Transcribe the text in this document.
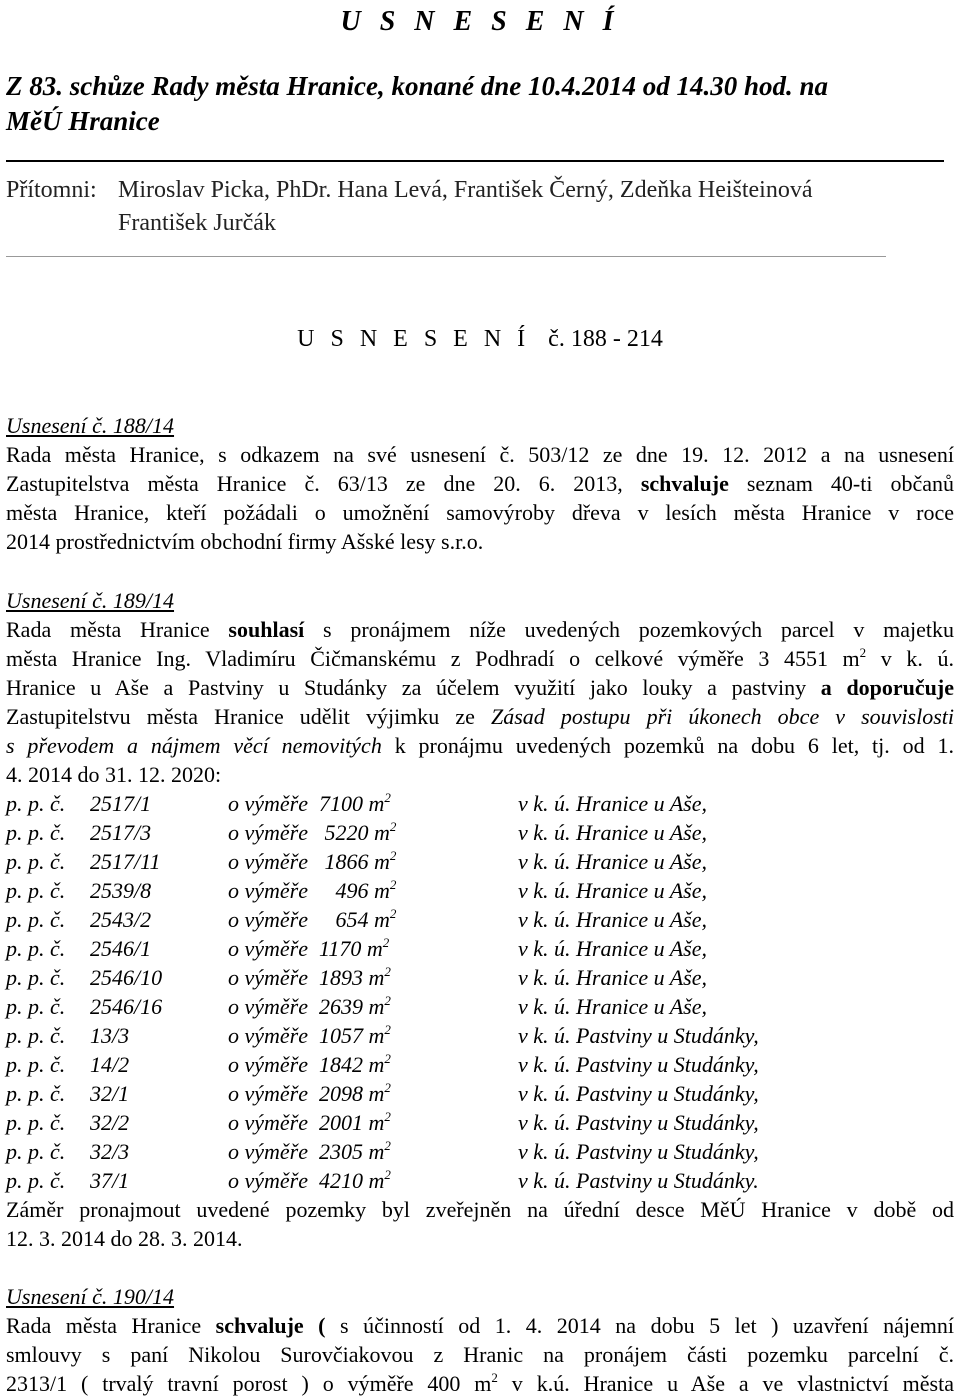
U S N E S E N Í
Z 83. schůze Rady města Hranice, konané dne 10.4.2014 od 14.30 hod. na
MěÚ Hranice
Přítomni: Miroslav Picka, PhDr. Hana Levá, František Černý, Zdeňka Heišteinová
František Jurčák
U S N E S E N Í č. 188 - 214
Usnesení č. 188/14
Rada města Hranice, s odkazem na své usnesení č. 503/12 ze dne 19. 12. 2012 a na usnesení
Zastupitelstva města Hranice č. 63/13 ze dne 20. 6. 2013, schvaluje seznam 40-ti občanů
města Hranice, kteří požádali o umožnění samovýroby dřeva v lesích města Hranice v roce
2014 prostřednictvím obchodní firmy Ašské lesy s.r.o.
Usnesení č. 189/14
Rada města Hranice souhlasí s pronájmem níže uvedených pozemkových parcel v majetku
města Hranice Ing. Vladimíru Čičmanskému z Podhradí o celkové výměře 3 4551 $m^2$ v k. ú.
Hranice u Aše a Pastviny u Studánky za účelem využití jako louky a pastviny a doporučuje
Zastupitelstvu města Hranice udělit výjimku ze Zásad postupu při úkonech obce v souvislosti
s převodem a nájmem věcí nemovitých k pronájmu uvedených pozemků na dobu 6 let, tj. od 1.
4. 2014 do 31. 12. 2020:
p. p. č.	2517/1	o výměře  7100 $m^2$	v k. ú. Hranice u Aše,
p. p. č.	2517/3	o výměře   5220 $m^2$	v k. ú. Hranice u Aše,
p. p. č.	2517/11	o výměře   1866 $m^2$	v k. ú. Hranice u Aše,
p. p. č.	2539/8	o výměře     496 $m^2$	v k. ú. Hranice u Aše,
p. p. č.	2543/2	o výměře     654 $m^2$	v k. ú. Hranice u Aše,
p. p. č.	2546/1	o výměře  1170 $m^2$	v k. ú. Hranice u Aše,
p. p. č.	2546/10	o výměře  1893 $m^2$	v k. ú. Hranice u Aše,
p. p. č.	2546/16	o výměře  2639 $m^2$	v k. ú. Hranice u Aše,
p. p. č.	13/3	o výměře  1057 $m^2$	v k. ú. Pastviny u Studánky,
p. p. č.	14/2	o výměře  1842 $m^2$	v k. ú. Pastviny u Studánky,
p. p. č.	32/1	o výměře  2098 $m^2$	v k. ú. Pastviny u Studánky,
p. p. č.	32/2	o výměře  2001 $m^2$	v k. ú. Pastviny u Studánky,
p. p. č.	32/3	o výměře  2305 $m^2$	v k. ú. Pastviny u Studánky,
p. p. č.	37/1	o výměře  4210 $m^2$	v k. ú. Pastviny u Studánky.
Záměr pronajmout uvedené pozemky byl zveřejněn na úřední desce MěÚ Hranice v době od
12. 3. 2014 do 28. 3. 2014.
Usnesení č. 190/14
Rada města Hranice schvaluje ( s účinností od 1. 4. 2014 na dobu 5 let ) uzavření nájemní
smlouvy s paní Nikolou Surovčiakovou z Hranic na pronájem části pozemku parcelní č.
2313/1 ( trvalý travní porost ) o výměře 400 $m^2$ v k.ú. Hranice u Aše a ve vlastnictví města
